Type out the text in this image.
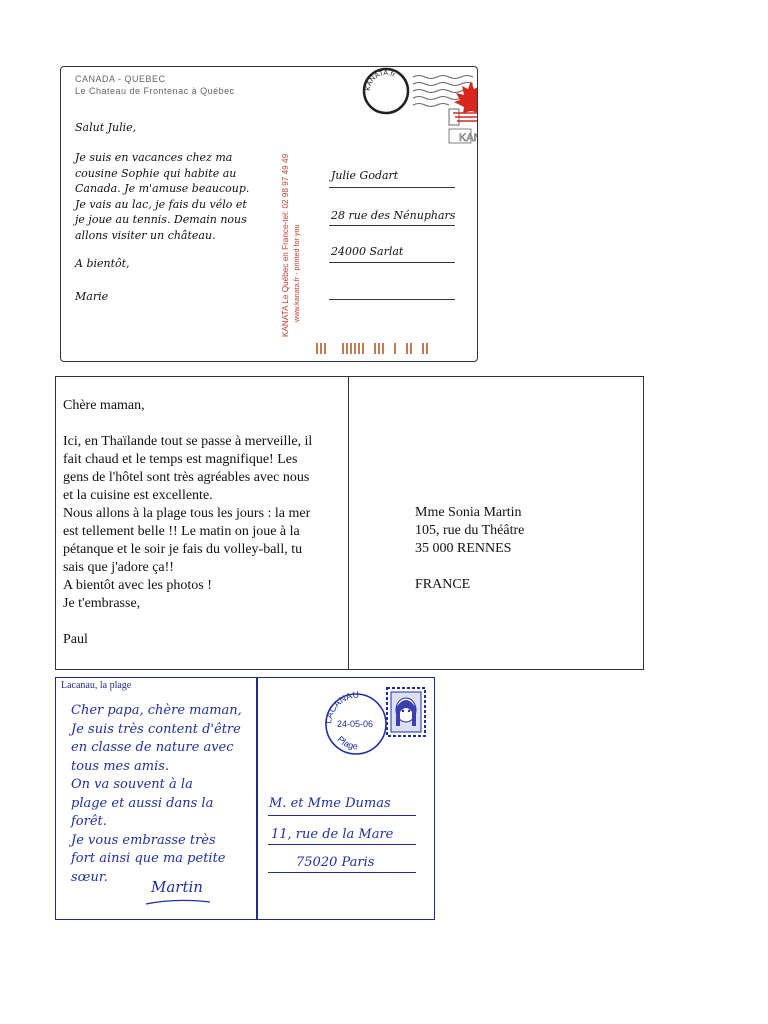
CANADA - QUEBEC
Le Chateau de Frontenac à Québec
Salut Julie,
Je suis en vacances chez ma
cousine Sophie qui habite au
Canada. Je m'amuse beaucoup.
Je vais au lac, je fais du vélo et
je joue au tennis. Demain nous
allons visiter un château.
A bientôt,
Marie	KANATA Le Québec en France-tel: 02 98 97 49 49 www.kanata.fr - printed for you
KANATA.fr
KA
Julie Godart
28 rue des Nénuphars
24000 Sarlat
Chère maman,

Ici, en Thaïlande tout se passe à merveille, il
fait chaud et le temps est magnifique! Les
gens de l'hôtel sont très agréables avec nous
et la cuisine est excellente.
Nous allons à la plage tous les jours : la mer
est tellement belle !! Le matin on joue à la
pétanque et le soir je fais du volley-ball, tu
sais que j'adore ça!!
A bientôt avec les photos !
Je t'embrasse,
Paul
Mme Sonia Martin
105, rue du Théâtre
35 000 RENNES
FRANCE
Lacanau, la plage
Cher papa, chère maman,
Je suis très content d'être
en classe de nature avec
tous mes amis.
On va souvent à la
plage et aussi dans la
forêt.
Je vous embrasse très
fort ainsi que ma petite
sœur.
Martin
LACANAU
24-05-06
Plage
M. et Mme Dumas
11, rue de la Mare
75020 Paris
